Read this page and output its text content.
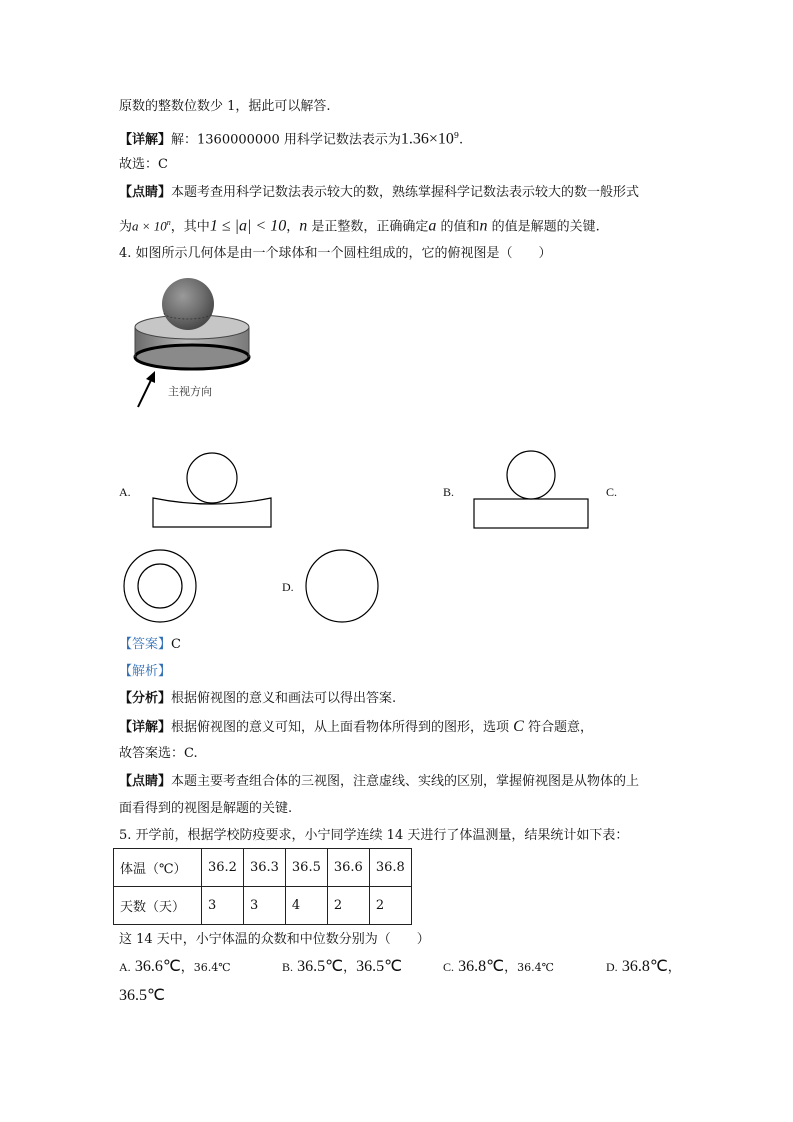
原数的整数位数少 1，据此可以解答.
【详解】解：1360000000 用科学记数法表示为$1.36\times 10^9$.
故选：C
【点睛】本题考查用科学记数法表示较大的数，熟练掌握科学记数法表示较大的数一般形式
为$a \times 10^n$，其中1 ≤ |a| < 10，n 是正整数，正确确定a 的值和n 的值是解题的关键.
4. 如图所示几何体是由一个球体和一个圆柱组成的，它的俯视图是（　　）
主视方向
A.	B.	C.
D.
【答案】C
【解析】
【分析】根据俯视图的意义和画法可以得出答案.
【详解】根据俯视图的意义可知，从上面看物体所得到的图形，选项 C 符合题意，
故答案选：C.
【点睛】本题主要考查组合体的三视图，注意虚线、实线的区别，掌握俯视图是从物体的上
面看得到的视图是解题的关键.
5. 开学前，根据学校防疫要求，小宁同学连续 14 天进行了体温测量，结果统计如下表：
体温（℃）	36.2	36.3	36.5	36.6	36.8
天数（天）	3	3	4	2	2
这 14 天中，小宁体温的众数和中位数分别为（　　）
A. 36.6℃，36.4℃	B. 36.5℃，36.5℃	C. 36.8℃，36.4℃	D. 36.8℃，
36.5℃
